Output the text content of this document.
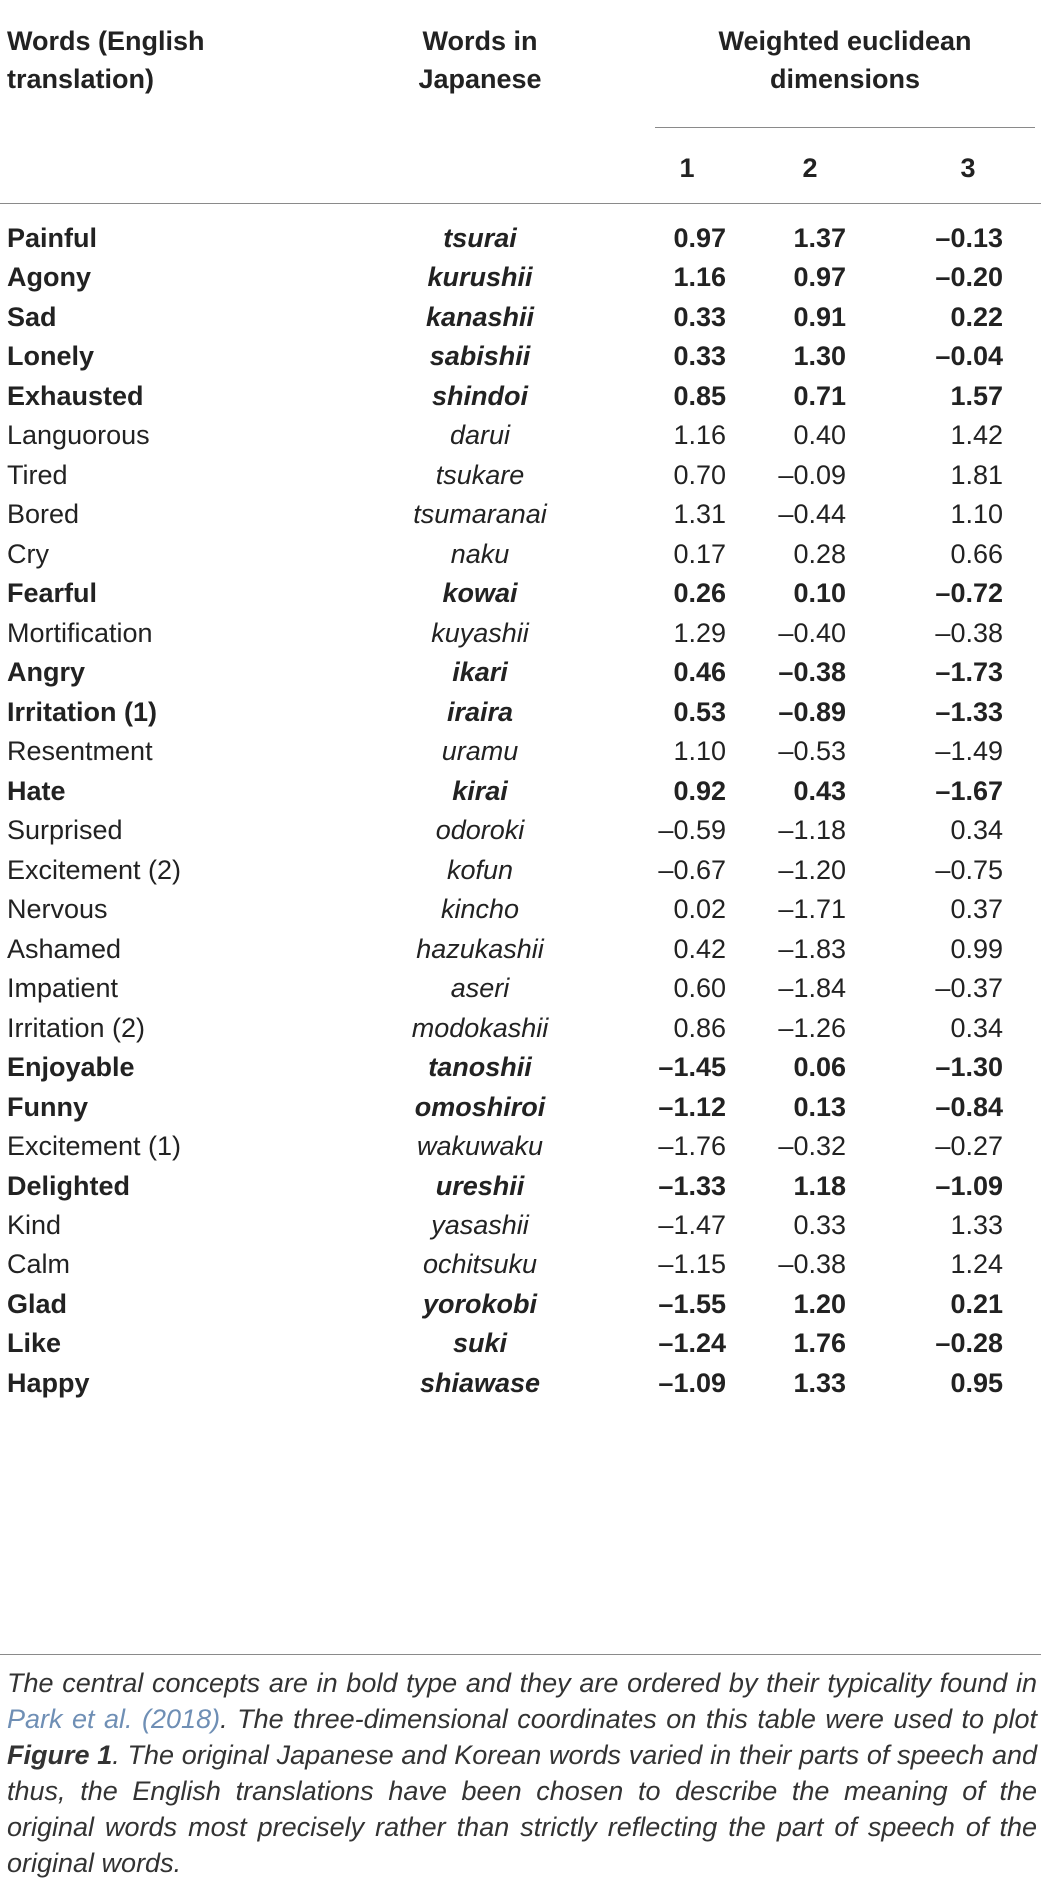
Words (English
translation)
Words in
Japanese
Weighted euclidean
dimensions
1	2	3
Painful	tsurai	0.97 1.37	–0.13
Agony	kurushii	1.16 0.97	–0.20
Sad	kanashii	0.33 0.91	0.22
Lonely	sabishii	0.33 1.30	–0.04
Exhausted	shindoi	0.85 0.71	1.57
Languorous	darui	1.16 0.40	1.42
Tired	tsukare	0.70 –0.09	1.81
Bored	tsumaranai	1.31 –0.44	1.10
Cry	naku	0.17 0.28	0.66
Fearful	kowai	0.26 0.10	–0.72
Mortification	kuyashii	1.29 –0.40	–0.38
Angry	ikari	0.46 –0.38	–1.73
Irritation (1)	iraira	0.53 –0.89	–1.33
Resentment	uramu	1.10 –0.53	–1.49
Hate	kirai	0.92 0.43	–1.67
Surprised	odoroki	–0.59 –1.18	0.34
Excitement (2)	kofun	–0.67 –1.20	–0.75
Nervous	kincho	0.02 –1.71	0.37
Ashamed	hazukashii	0.42 –1.83	0.99
Impatient	aseri	0.60 –1.84	–0.37
Irritation (2)	modokashii	0.86 –1.26	0.34
Enjoyable	tanoshii	–1.45 0.06	–1.30
Funny	omoshiroi	–1.12 0.13	–0.84
Excitement (1)	wakuwaku	–1.76 –0.32	–0.27
Delighted	ureshii	–1.33 1.18	–1.09
Kind	yasashii	–1.47 0.33	1.33
Calm	ochitsuku	–1.15 –0.38	1.24
Glad	yorokobi	–1.55 1.20	0.21
Like	suki	–1.24 1.76	–0.28
Happy	shiawase	–1.09 1.33	0.95
The central concepts are in bold type and they are ordered by their typicality found in Park et al. (2018). The three-dimensional coordinates on this table were used to plot Figure 1. The original Japanese and Korean words varied in their parts of speech and thus, the English translations have been chosen to describe the meaning of the original words most precisely rather than strictly reflecting the part of speech of the original words.
